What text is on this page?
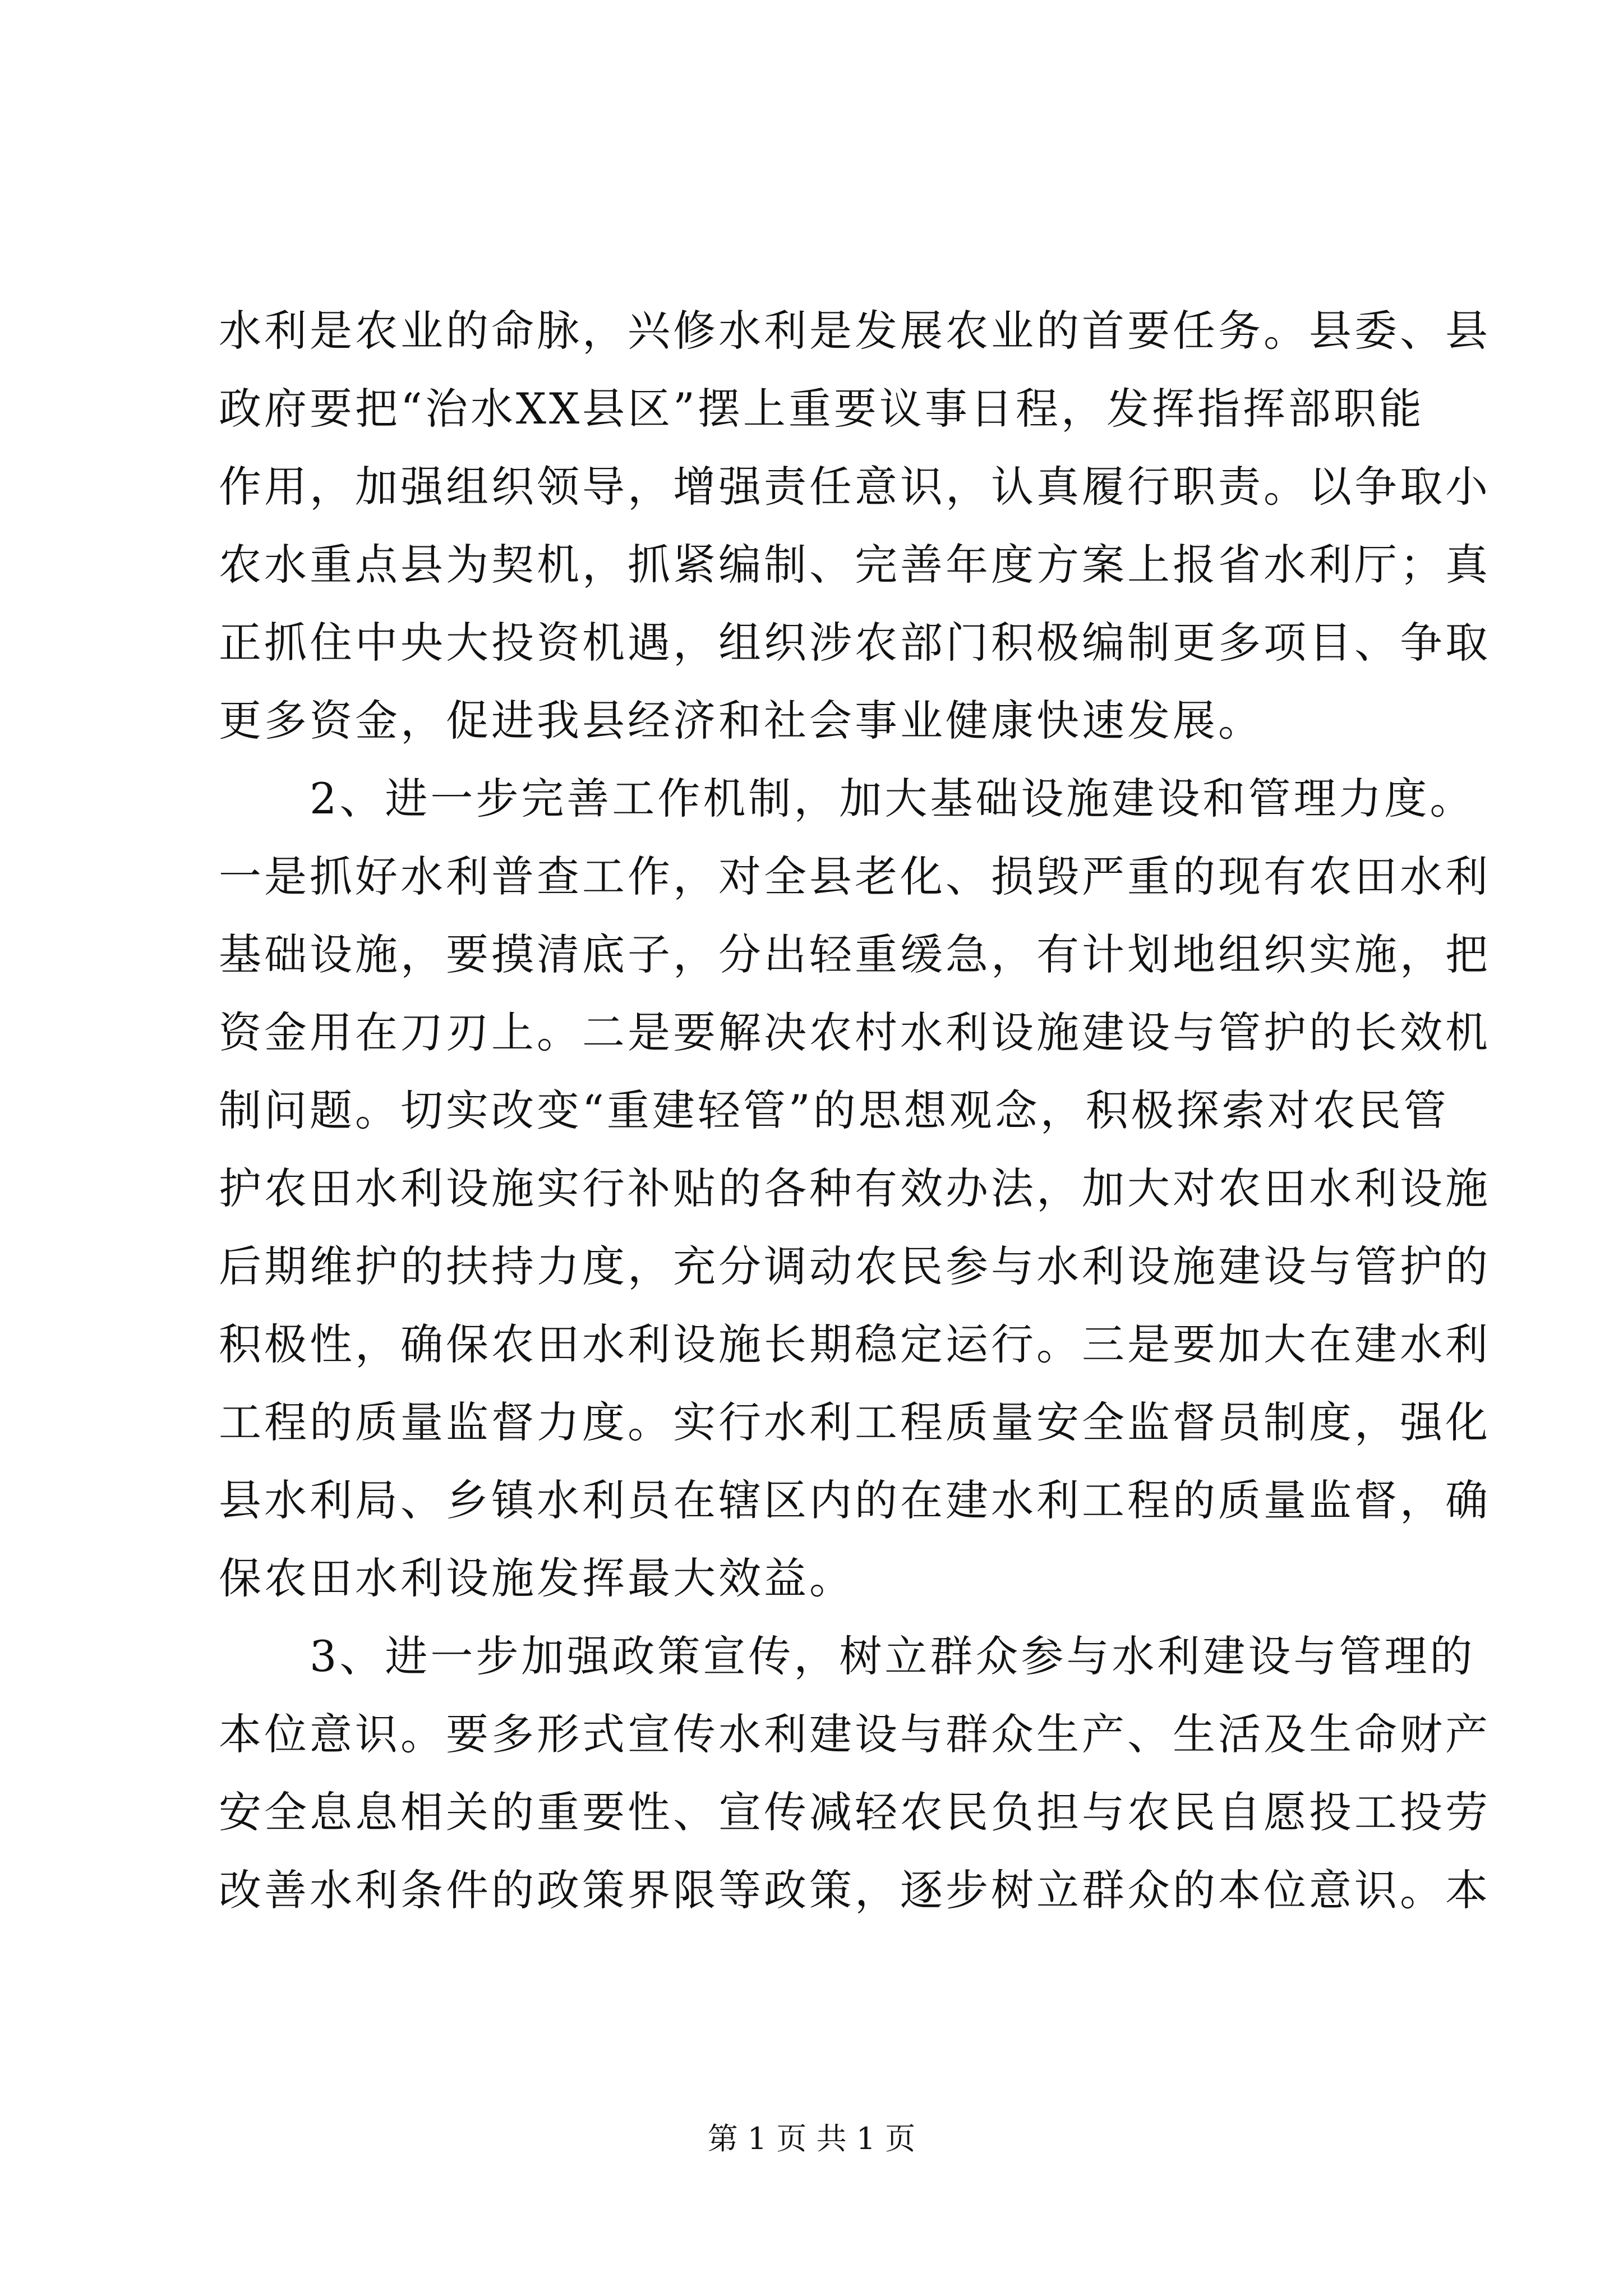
水利是农业的命脉，兴修水利是发展农业的首要任务。县委、县
政府要把“治水XX县区”摆上重要议事日程，发挥指挥部职能
作用，加强组织领导，增强责任意识，认真履行职责。以争取小
农水重点县为契机，抓紧编制、完善年度方案上报省水利厅；真
正抓住中央大投资机遇，组织涉农部门积极编制更多项目、争取
更多资金，促进我县经济和社会事业健康快速发展。
　　2、进一步完善工作机制，加大基础设施建设和管理力度。
一是抓好水利普查工作，对全县老化、损毁严重的现有农田水利
基础设施，要摸清底子，分出轻重缓急，有计划地组织实施，把
资金用在刀刃上。二是要解决农村水利设施建设与管护的长效机
制问题。切实改变“重建轻管”的思想观念，积极探索对农民管
护农田水利设施实行补贴的各种有效办法，加大对农田水利设施
后期维护的扶持力度，充分调动农民参与水利设施建设与管护的
积极性，确保农田水利设施长期稳定运行。三是要加大在建水利
工程的质量监督力度。实行水利工程质量安全监督员制度，强化
县水利局、乡镇水利员在辖区内的在建水利工程的质量监督，确
保农田水利设施发挥最大效益。
　　3、进一步加强政策宣传，树立群众参与水利建设与管理的
本位意识。要多形式宣传水利建设与群众生产、生活及生命财产
安全息息相关的重要性、宣传减轻农民负担与农民自愿投工投劳
改善水利条件的政策界限等政策，逐步树立群众的本位意识。本
第 1 页 共 1 页
